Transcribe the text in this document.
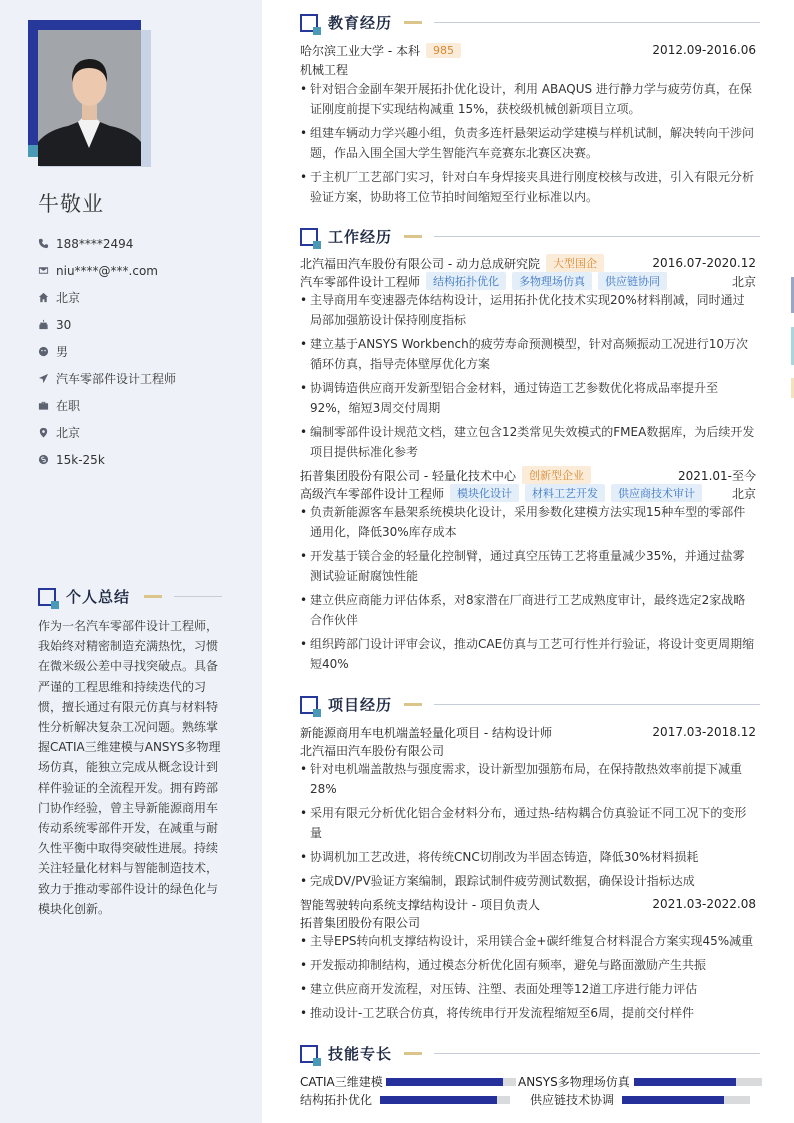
牛敬业
188****2494
niu****@***.com
北京
30
男
汽车零部件设计工程师
在职
北京
15k-25k
个人总结
作为一名汽车零部件设计工程师，我始终对精密制造充满热忱，习惯在微米级公差中寻找突破点。具备严谨的工程思维和持续迭代的习惯，擅长通过有限元仿真与材料特性分析解决复杂工况问题。熟练掌握CATIA三维建模与ANSYS多物理场仿真，能独立完成从概念设计到样件验证的全流程开发。拥有跨部门协作经验，曾主导新能源商用车传动系统零部件开发，在减重与耐久性平衡中取得突破性进展。持续关注轻量化材料与智能制造技术，致力于推动零部件设计的绿色化与模块化创新。
教育经历
哈尔滨工业大学 - 本科	985	2012.09-2016.06
机械工程
• 针对铝合金副车架开展拓扑优化设计，利用 ABAQUS 进行静力学与疲劳仿真，在保证刚度前提下实现结构减重 15%，获校级机械创新项目立项。
• 组建车辆动力学兴趣小组，负责多连杆悬架运动学建模与样机试制，解决转向干涉问题，作品入围全国大学生智能汽车竞赛东北赛区决赛。
• 于主机厂工艺部门实习，针对白车身焊接夹具进行刚度校核与改进，引入有限元分析验证方案，协助将工位节拍时间缩短至行业标准以内。
工作经历
北汽福田汽车股份有限公司 - 动力总成研究院	大型国企	2016.07-2020.12
汽车零部件设计工程师	结构拓扑优化	多物理场仿真	供应链协同	北京
• 主导商用车变速器壳体结构设计，运用拓扑优化技术实现20%材料削减，同时通过局部加强筋设计保持刚度指标
• 建立基于ANSYS Workbench的疲劳寿命预测模型，针对高频振动工况进行10万次循环仿真，指导壳体壁厚优化方案
• 协调铸造供应商开发新型铝合金材料，通过铸造工艺参数优化将成品率提升至92%，缩短3周交付周期
• 编制零部件设计规范文档，建立包含12类常见失效模式的FMEA数据库，为后续开发项目提供标准化参考
拓普集团股份有限公司 - 轻量化技术中心	创新型企业	2021.01-至今
高级汽车零部件设计工程师	模块化设计	材料工艺开发	供应商技术审计	北京
• 负责新能源客车悬架系统模块化设计，采用参数化建模方法实现15种车型的零部件通用化，降低30%库存成本
• 开发基于镁合金的轻量化控制臂，通过真空压铸工艺将重量减少35%，并通过盐雾测试验证耐腐蚀性能
• 建立供应商能力评估体系，对8家潜在厂商进行工艺成熟度审计，最终选定2家战略合作伙伴
• 组织跨部门设计评审会议，推动CAE仿真与工艺可行性并行验证，将设计变更周期缩短40%
项目经历
新能源商用车电机端盖轻量化项目 - 结构设计师	2017.03-2018.12
北汽福田汽车股份有限公司
• 针对电机端盖散热与强度需求，设计新型加强筋布局，在保持散热效率前提下减重28%
• 采用有限元分析优化铝合金材料分布，通过热-结构耦合仿真验证不同工况下的变形量
• 协调机加工艺改进，将传统CNC切削改为半固态铸造，降低30%材料损耗
• 完成DV/PV验证方案编制，跟踪试制件疲劳测试数据，确保设计指标达成
智能驾驶转向系统支撑结构设计 - 项目负责人	2021.03-2022.08
拓普集团股份有限公司
• 主导EPS转向机支撑结构设计，采用镁合金+碳纤维复合材料混合方案实现45%减重
• 开发振动抑制结构，通过模态分析优化固有频率，避免与路面激励产生共振
• 建立供应商开发流程，对压铸、注塑、表面处理等12道工序进行能力评估
• 推动设计-工艺联合仿真，将传统串行开发流程缩短至6周，提前交付样件
技能专长
CATIA三维建模	ANSYS多物理场仿真
结构拓扑优化	供应链技术协调
